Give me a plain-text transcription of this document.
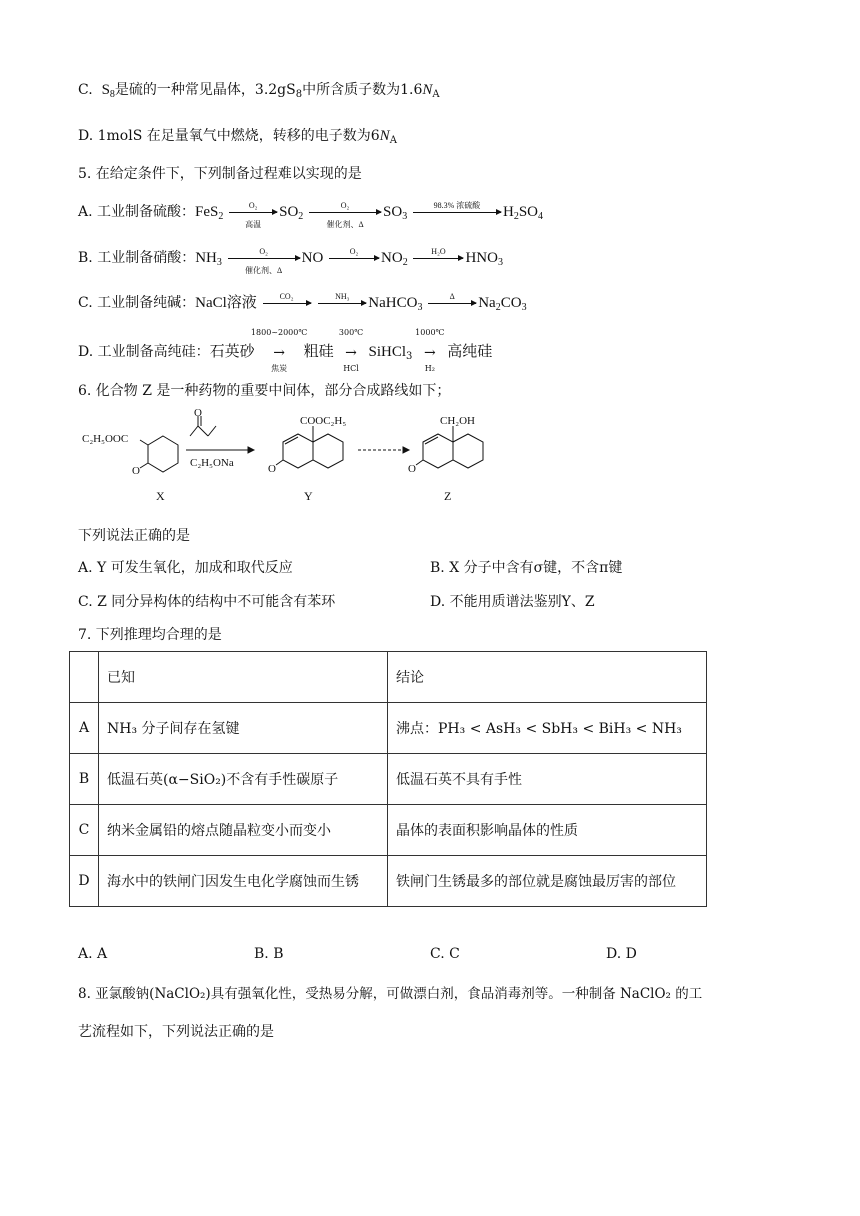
C. $S_8$是硫的一种常见晶体，$3.2gS_8$中所含质子数为$1.6N_A$
D. 1molS 在足量氧气中燃烧，转移的电子数为$6N_A$
5. 在给定条件下，下列制备过程难以实现的是
A. 工业制备硫酸：FeS$_2$
O₂
高温
$SO_2$
O₂
催化剂、Δ
$SO_3$
98.3% 浓硫酸	$H_2SO_4$
B. 工业制备硝酸：$NH_3$
O₂
催化剂、Δ
NO	O₂	$NO_2$
H₂O	$HNO_3$
C. 工业制备纯碱：NaCl溶液	CO₂
	NH₃	NaHCO$_3$
Δ	$Na_2CO_3$
D. 工业制备高纯硅：石英砂
1800~2000℃
→
焦炭
粗硅
300℃
→
HCl
SiHCl$_3$
1000℃
→
H₂
高纯硅
6. 化合物 Z 是一种药物的重要中间体，部分合成路线如下；
C₂H₅OOC
O
O
C₂H₅ONa
COOC₂H₅
O
CH₂OH
O
X	Y	Z
下列说法正确的是
A. Y 可发生氧化，加成和取代反应	B. X 分子中含有σ键，不含π键
C. Z 同分异构体的结构中不可能含有苯环	D. 不能用质谱法鉴别Y、Z
7. 下列推理均合理的是
	已知	结论
A	NH₃ 分子间存在氢键	沸点：PH₃ < AsH₃ < SbH₃ < BiH₃ < NH₃
B	低温石英(α−SiO₂)不含有手性碳原子	低温石英不具有手性
C	纳米金属铅的熔点随晶粒变小而变小	晶体的表面积影响晶体的性质
D	海水中的铁闸门因发生电化学腐蚀而生锈	铁闸门生锈最多的部位就是腐蚀最厉害的部位
A. A	B. B	C. C	D. D
8. 亚氯酸钠(NaClO₂)具有强氧化性，受热易分解，可做漂白剂，食品消毒剂等。一种制备 NaClO₂ 的工
艺流程如下，下列说法正确的是
